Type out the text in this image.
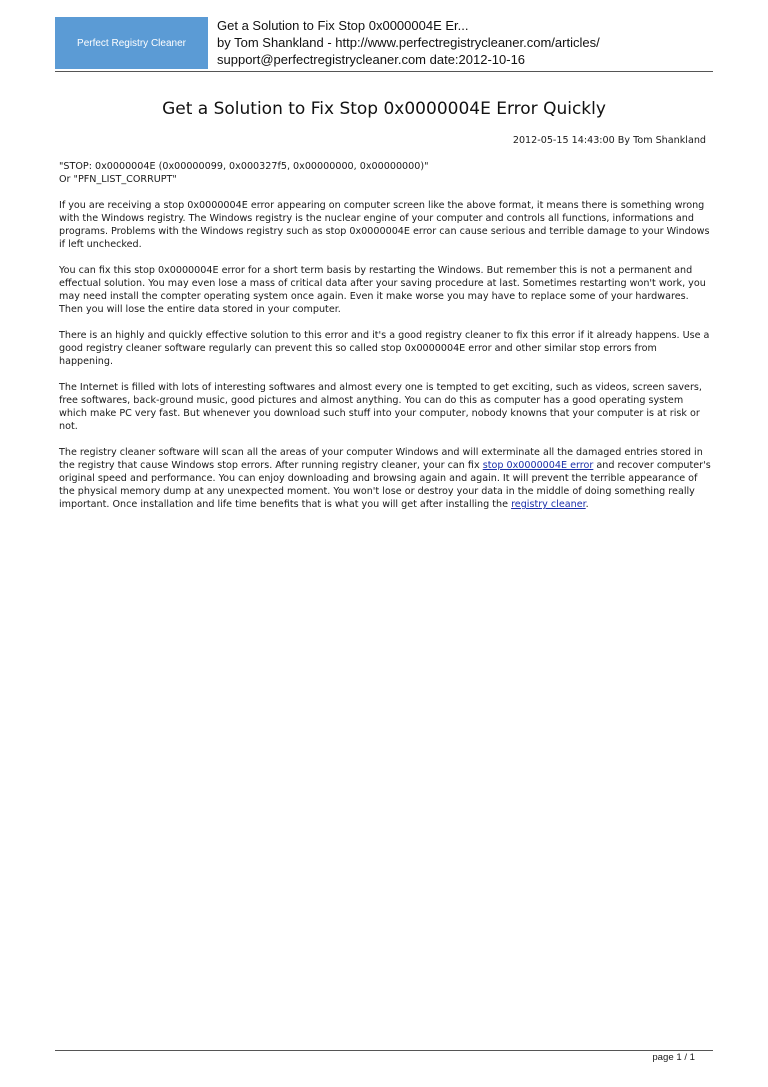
Perfect Registry Cleaner
Get a Solution to Fix Stop 0x0000004E Er...
by Tom Shankland - http://www.perfectregistrycleaner.com/articles/
support@perfectregistrycleaner.com date:2012-10-16
Get a Solution to Fix Stop 0x0000004E Error Quickly
2012-05-15 14:43:00 By Tom Shankland

"STOP: 0x0000004E (0x00000099, 0x000327f5, 0x00000000, 0x00000000)"
Or "PFN_LIST_CORRUPT"

If you are receiving a stop 0x0000004E error appearing on computer screen like the above format, it means there is something wrong with the Windows registry. The Windows registry is the nuclear engine of your computer and controls all functions, informations and programs. Problems with the Windows registry such as stop 0x0000004E error can cause serious and terrible damage to your Windows if left unchecked.

You can fix this stop 0x0000004E error for a short term basis by restarting the Windows. But remember this is not a permanent and effectual solution. You may even lose a mass of critical data after your saving procedure at last. Sometimes restarting won't work, you may need install the compter operating system once again. Even it make worse you may have to replace some of your hardwares. Then you will lose the entire data stored in your computer.

There is an highly and quickly effective solution to this error and it's a good registry cleaner to fix this error if it already happens. Use a good registry cleaner software regularly can prevent this so called stop 0x0000004E error and other similar stop errors from happening.

The Internet is filled with lots of interesting softwares and almost every one is tempted to get exciting, such as videos, screen savers, free softwares, back-ground music, good pictures and almost anything. You can do this as computer has a good operating system which make PC very fast. But whenever you download such stuff into your computer, nobody knowns that your computer is at risk or not.

The registry cleaner software will scan all the areas of your computer Windows and will exterminate all the damaged entries stored in the registry that cause Windows stop errors. After running registry cleaner, your can fix stop 0x0000004E error and recover computer's original speed and performance. You can enjoy downloading and browsing again and again. It will prevent the terrible appearance of the physical memory dump at any unexpected moment. You won't lose or destroy your data in the middle of doing something really important. Once installation and life time benefits that is what you will get after installing the registry cleaner.

page 1 / 1
